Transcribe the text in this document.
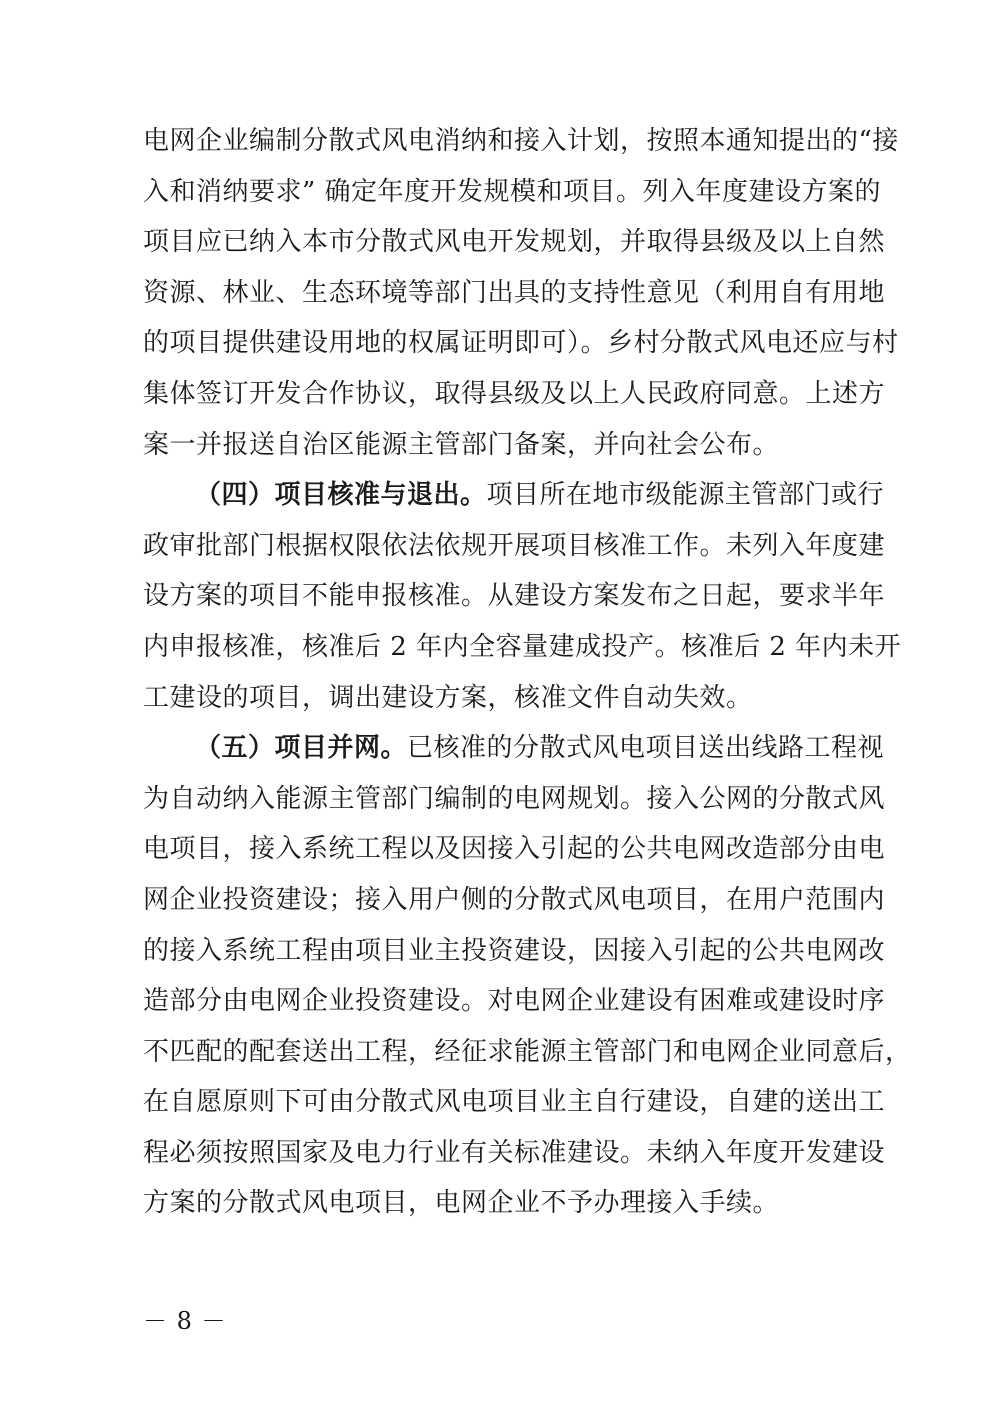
电网企业编制分散式风电消纳和接入计划，按照本通知提出的“接
入和消纳要求” 确定年度开发规模和项目。列入年度建设方案的
项目应已纳入本市分散式风电开发规划，并取得县级及以上自然
资源、林业、生态环境等部门出具的支持性意见（利用自有用地
的项目提供建设用地的权属证明即可）。乡村分散式风电还应与村
集体签订开发合作协议，取得县级及以上人民政府同意。上述方
案一并报送自治区能源主管部门备案，并向社会公布。
（四）项目核准与退出。项目所在地市级能源主管部门或行
政审批部门根据权限依法依规开展项目核准工作。未列入年度建
设方案的项目不能申报核准。从建设方案发布之日起，要求半年
内申报核准，核准后 2 年内全容量建成投产。核准后 2 年内未开
工建设的项目，调出建设方案，核准文件自动失效。
（五）项目并网。已核准的分散式风电项目送出线路工程视
为自动纳入能源主管部门编制的电网规划。接入公网的分散式风
电项目，接入系统工程以及因接入引起的公共电网改造部分由电
网企业投资建设；接入用户侧的分散式风电项目，在用户范围内
的接入系统工程由项目业主投资建设，因接入引起的公共电网改
造部分由电网企业投资建设。对电网企业建设有困难或建设时序
不匹配的配套送出工程，经征求能源主管部门和电网企业同意后，
在自愿原则下可由分散式风电项目业主自行建设，自建的送出工
程必须按照国家及电力行业有关标准建设。未纳入年度开发建设
方案的分散式风电项目，电网企业不予办理接入手续。
－ 8 －
